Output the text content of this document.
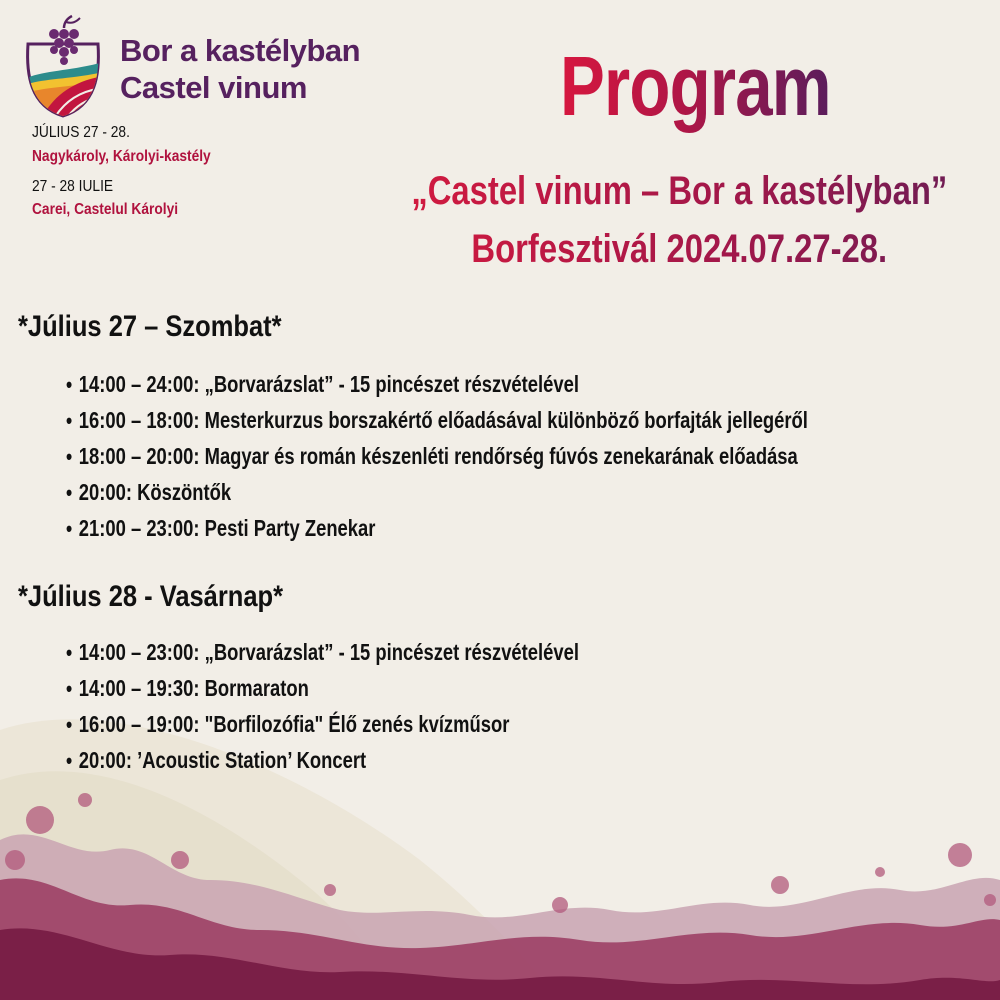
Bor a kastélyban
Castel vinum
JÚLIUS 27 - 28.
Nagykároly, Károlyi-kastély
27 - 28 IULIE
Carei, Castelul Károlyi
Program
„Castel vinum – Bor a kastélyban”
Borfesztivál 2024.07.27-28.
*Július 27 – Szombat*
• 14:00 – 24:00: „Borvarázslat” - 15 pincészet részvételével
• 16:00 – 18:00: Mesterkurzus borszakértő előadásával különböző borfajták jellegéről
• 18:00 – 20:00: Magyar és román készenléti rendőrség fúvós zenekarának előadása
• 20:00: Köszöntők
• 21:00 – 23:00: Pesti Party Zenekar
*Július 28 - Vasárnap*
• 14:00 – 23:00: „Borvarázslat” - 15 pincészet részvételével
• 14:00 – 19:30: Bormaraton
• 16:00 – 19:00: "Borfilozófia" Élő zenés kvízműsor
• 20:00: ’Acoustic Station’ Koncert
